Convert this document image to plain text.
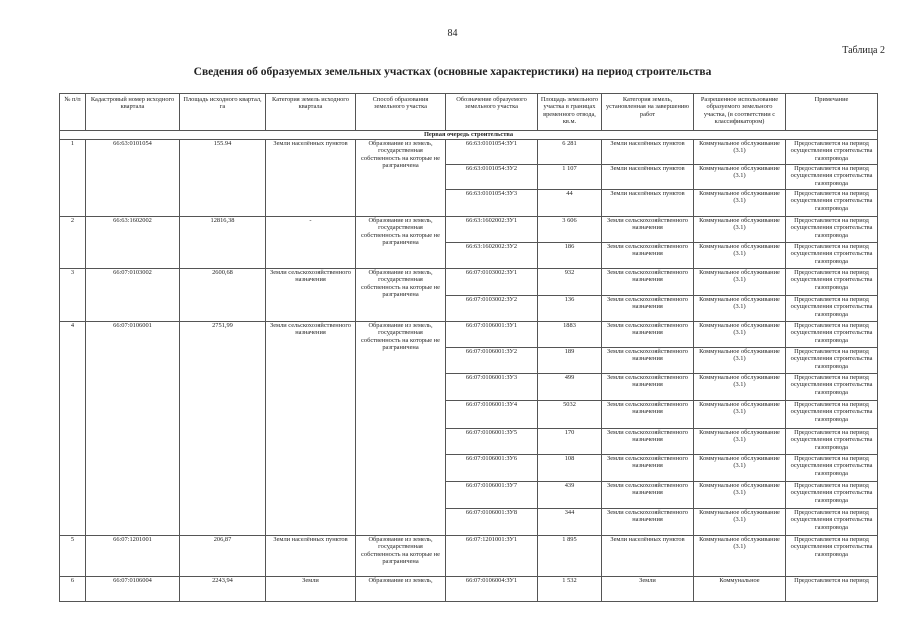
84
Таблица 2
Сведения об образуемых земельных участках (основные характеристики) на период строительства
№ п/п	Кадастровый номер исходного квартала	Площадь исходного квартал, га	Категория земель исходного квартала	Способ образования земельного участка	Обозначение образуемого земельного участка	Площадь земельного участка в границах временного отвода, кв.м.	Категория земель, установленная на завершению работ	Разрешенное использование образуемого земельного участка, (в соответствии с классификатором)	Примечание
Первая очередь строительства									
1	66:63:0101054	155.94	Земли населённых пунктов	Образование из земель, государственная собственность на которые не разграничена	66:63:0101054:ЗУ1	6 281	Земли населённых пунктов	Коммунальное обслуживание (3.1)	Предоставляется на период осуществления строительства газопровода
					66:63:0101054:ЗУ2	1 107	Земли населённых пунктов	Коммунальное обслуживание (3.1)	Предоставляется на период осуществления строительства газопровода
					66:63:0101054:ЗУ3	44	Земли населённых пунктов	Коммунальное обслуживание (3.1)	Предоставляется на период осуществления строительства газопровода
2	66:63:1602002	12816,38	-	Образование из земель, государственная собственность на которые не разграничена	66:63:1602002:ЗУ1	3 606	Земли сельскохозяйственного назначения	Коммунальное обслуживание (3.1)	Предоставляется на период осуществления строительства газопровода
					66:63:1602002:ЗУ2	186	Земли сельскохозяйственного назначения	Коммунальное обслуживание (3.1)	Предоставляется на период осуществления строительства газопровода
3	66:07:0103002	2600,68	Земли сельскохозяйственного назначения	Образование из земель, государственная собственность на которые не разграничена	66:07:0103002:ЗУ1	932	Земли сельскохозяйственного назначения	Коммунальное обслуживание (3.1)	Предоставляется на период осуществления строительства газопровода
					66:07:0103002:ЗУ2	136	Земли сельскохозяйственного назначения	Коммунальное обслуживание (3.1)	Предоставляется на период осуществления строительства газопровода
4	66:07:0106001	2751,99	Земли сельскохозяйственного назначения	Образование из земель, государственная собственность на которые не разграничена	66:07:0106001:ЗУ1	1883	Земли сельскохозяйственного назначения	Коммунальное обслуживание (3.1)	Предоставляется на период осуществления строительства газопровода
					66:07:0106001:ЗУ2	189	Земли сельскохозяйственного назначения	Коммунальное обслуживание (3.1)	Предоставляется на период осуществления строительства газопровода
					66:07:0106001:ЗУ3	499	Земли сельскохозяйственного назначения	Коммунальное обслуживание (3.1)	Предоставляется на период осуществления строительства газопровода
					66:07:0106001:ЗУ4	5032	Земли сельскохозяйственного назначения	Коммунальное обслуживание (3.1)	Предоставляется на период осуществления строительства газопровода
					66:07:0106001:ЗУ5	170	Земли сельскохозяйственного назначения	Коммунальное обслуживание (3.1)	Предоставляется на период осуществления строительства газопровода
					66:07:0106001:ЗУ6	108	Земли сельскохозяйственного назначения	Коммунальное обслуживание (3.1)	Предоставляется на период осуществления строительства газопровода
					66:07:0106001:ЗУ7	439	Земли сельскохозяйственного назначения	Коммунальное обслуживание (3.1)	Предоставляется на период осуществления строительства газопровода
					66:07:0106001:ЗУ8	344	Земли сельскохозяйственного назначения	Коммунальное обслуживание (3.1)	Предоставляется на период осуществления строительства газопровода
5	66:07:1201001	206,87	Земли населённых пунктов	Образование из земель, государственная собственность на которые не разграничена	66:07:1201001:ЗУ1	1 895	Земли населённых пунктов	Коммунальное обслуживание (3.1)	Предоставляется на период осуществления строительства газопровода
6	66:07:0106004	2243,94	Земли	Образование из земель,	66:07:0106004:ЗУ1	1 532	Земли	Коммунальное	Предоставляется на период
